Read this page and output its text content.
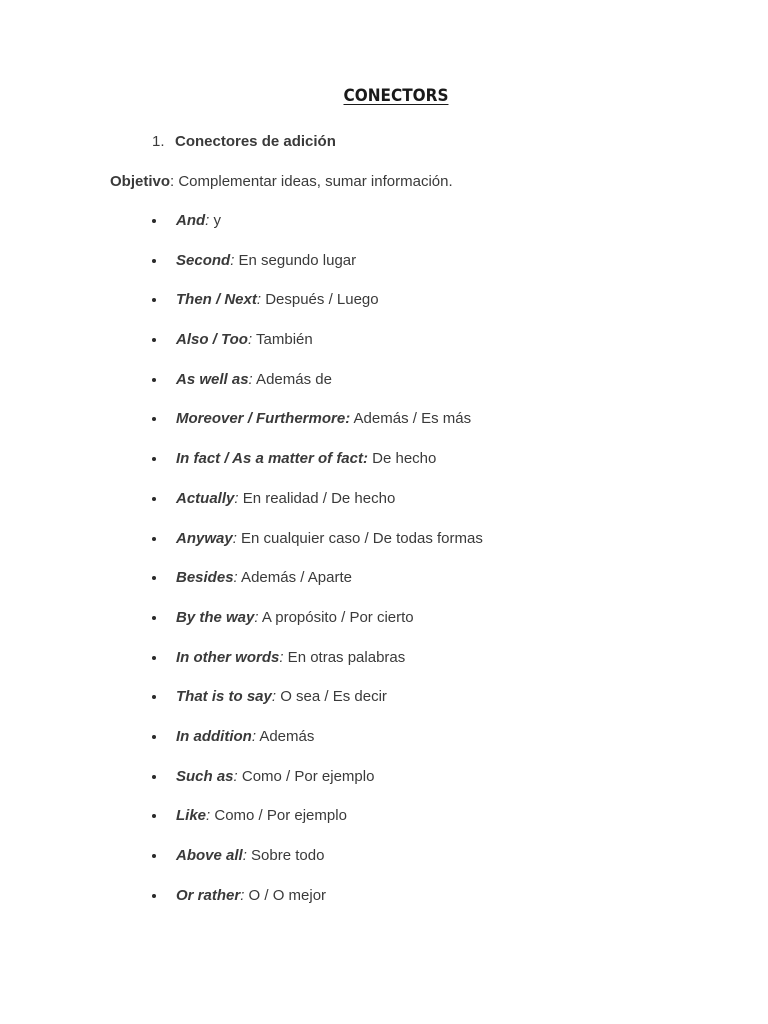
CONECTORS
1. Conectores de adición
Objetivo: Complementar ideas, sumar información.
And: y
Second: En segundo lugar
Then / Next: Después / Luego
Also / Too: También
As well as: Además de
Moreover / Furthermore: Además / Es más
In fact / As a matter of fact: De hecho
Actually: En realidad / De hecho
Anyway: En cualquier caso / De todas formas
Besides: Además / Aparte
By the way: A propósito / Por cierto
In other words: En otras palabras
That is to say: O sea / Es decir
In addition: Además
Such as: Como / Por ejemplo
Like: Como / Por ejemplo
Above all: Sobre todo
Or rather: O / O mejor
